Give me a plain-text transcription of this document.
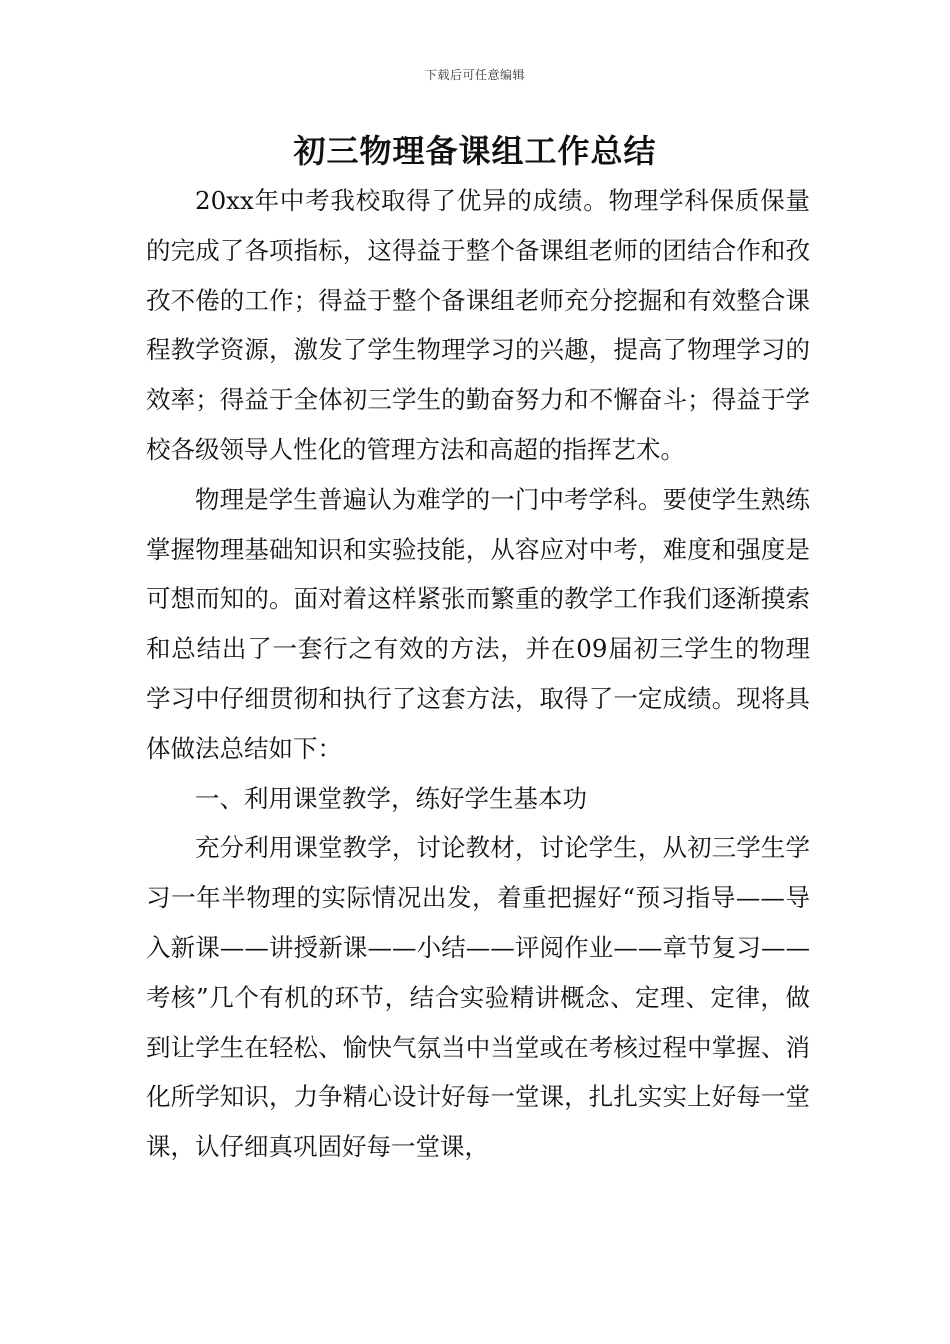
下载后可任意编辑
初三物理备课组工作总结

20xx年中考我校取得了优异的成绩。物理学科保质保量的完成了各项指标，这得益于整个备课组老师的团结合作和孜孜不倦的工作；得益于整个备课组老师充分挖掘和有效整合课程教学资源，激发了学生物理学习的兴趣，提高了物理学习的效率；得益于全体初三学生的勤奋努力和不懈奋斗；得益于学校各级领导人性化的管理方法和高超的指挥艺术。

物理是学生普遍认为难学的一门中考学科。要使学生熟练掌握物理基础知识和实验技能，从容应对中考，难度和强度是可想而知的。面对着这样紧张而繁重的教学工作我们逐渐摸索和总结出了一套行之有效的方法，并在09届初三学生的物理学习中仔细贯彻和执行了这套方法，取得了一定成绩。现将具体做法总结如下：

一、利用课堂教学，练好学生基本功

充分利用课堂教学，讨论教材，讨论学生，从初三学生学习一年半物理的实际情况出发，着重把握好“预习指导——导入新课——讲授新课——小结——评阅作业——章节复习——考核”几个有机的环节，结合实验精讲概念、定理、定律，做到让学生在轻松、愉快气氛当中当堂或在考核过程中掌握、消化所学知识，力争精心设计好每一堂课，扎扎实实上好每一堂课，认仔细真巩固好每一堂课，
